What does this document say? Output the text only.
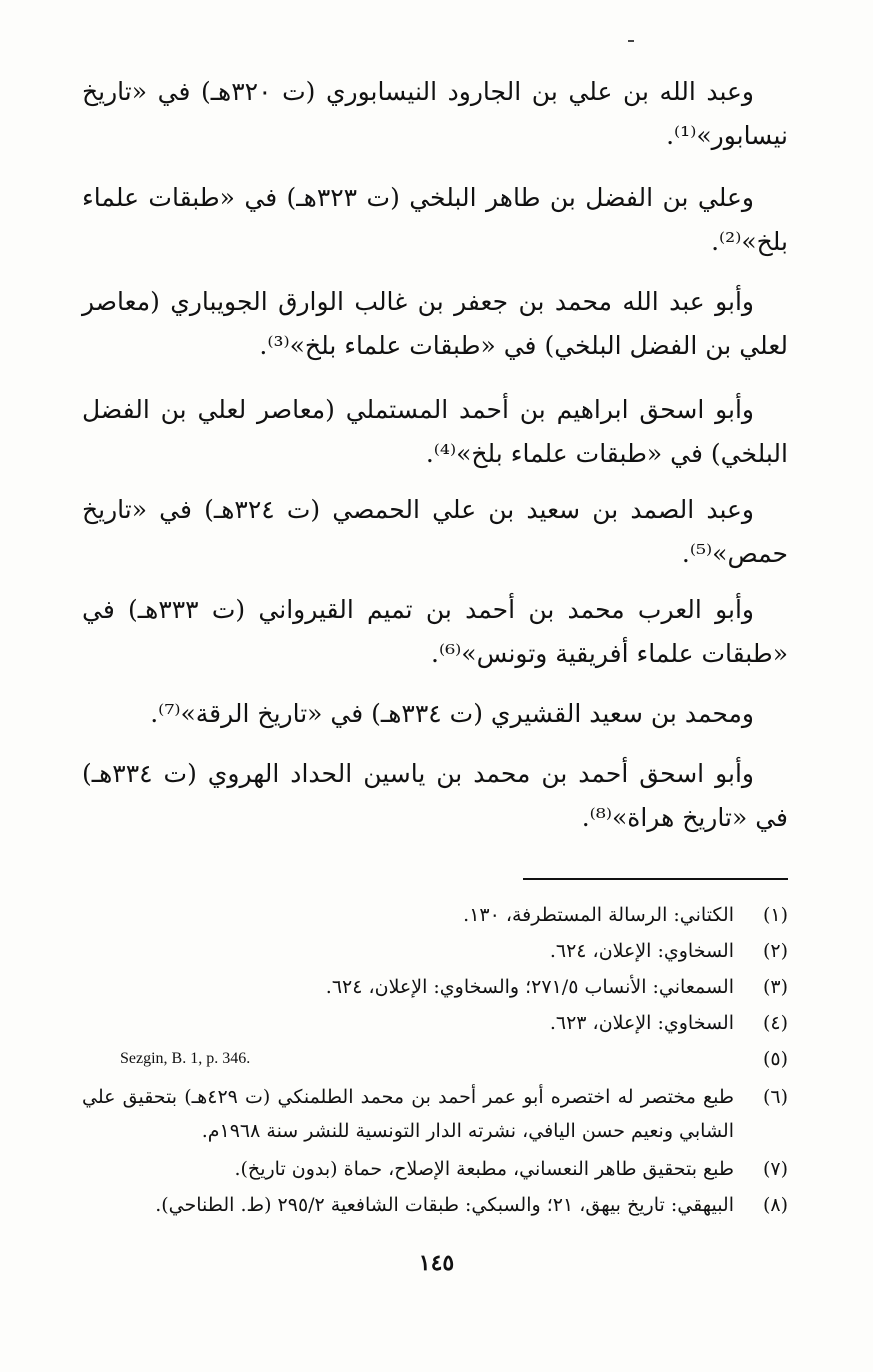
وعبد الله بن علي بن الجارود النيسابوري (ت ٣٢٠هـ) في «تاريخ نيسابور»⁽¹⁾.

وعلي بن الفضل بن طاهر البلخي (ت ٣٢٣هـ) في «طبقات علماء بلخ»⁽²⁾.

وأبو عبد الله محمد بن جعفر بن غالب الوارق الجويباري (معاصر لعلي بن الفضل البلخي) في «طبقات علماء بلخ»⁽³⁾.

وأبو اسحق ابراهيم بن أحمد المستملي (معاصر لعلي بن الفضل البلخي) في «طبقات علماء بلخ»⁽⁴⁾.

وعبد الصمد بن سعيد بن علي الحمصي (ت ٣٢٤هـ) في «تاريخ حمص»⁽⁵⁾.

وأبو العرب محمد بن أحمد بن تميم القيرواني (ت ٣٣٣هـ) في «طبقات علماء أفريقية وتونس»⁽⁶⁾.

ومحمد بن سعيد القشيري (ت ٣٣٤هـ) في «تاريخ الرقة»⁽⁷⁾.

وأبو اسحق أحمد بن محمد بن ياسين الحداد الهروي (ت ٣٣٤هـ) في «تاريخ هراة»⁽⁸⁾.

(١)
الكتاني: الرسالة المستطرفة، ١٣٠.
(٢)
السخاوي: الإعلان، ٦٢٤.
(٣)
السمعاني: الأنساب ٢٧١/٥؛ والسخاوي: الإعلان، ٦٢٤.
(٤)
السخاوي: الإعلان، ٦٢٣.
(٥)
Sezgin, B. 1, p. 346.
(٦)
طبع مختصر له اختصره أبو عمر أحمد بن محمد الطلمنكي (ت ٤٢٩هـ) بتحقيق علي الشابي ونعيم حسن اليافي، نشرته الدار التونسية للنشر سنة ١٩٦٨م.
(٧)
طبع بتحقيق طاهر النعساني، مطبعة الإصلاح، حماة (بدون تاريخ).
(٨)
البيهقي: تاريخ بيهق، ٢١؛ والسبكي: طبقات الشافعية ٢٩٥/٢ (ط. الطناحي).
١٤٥
